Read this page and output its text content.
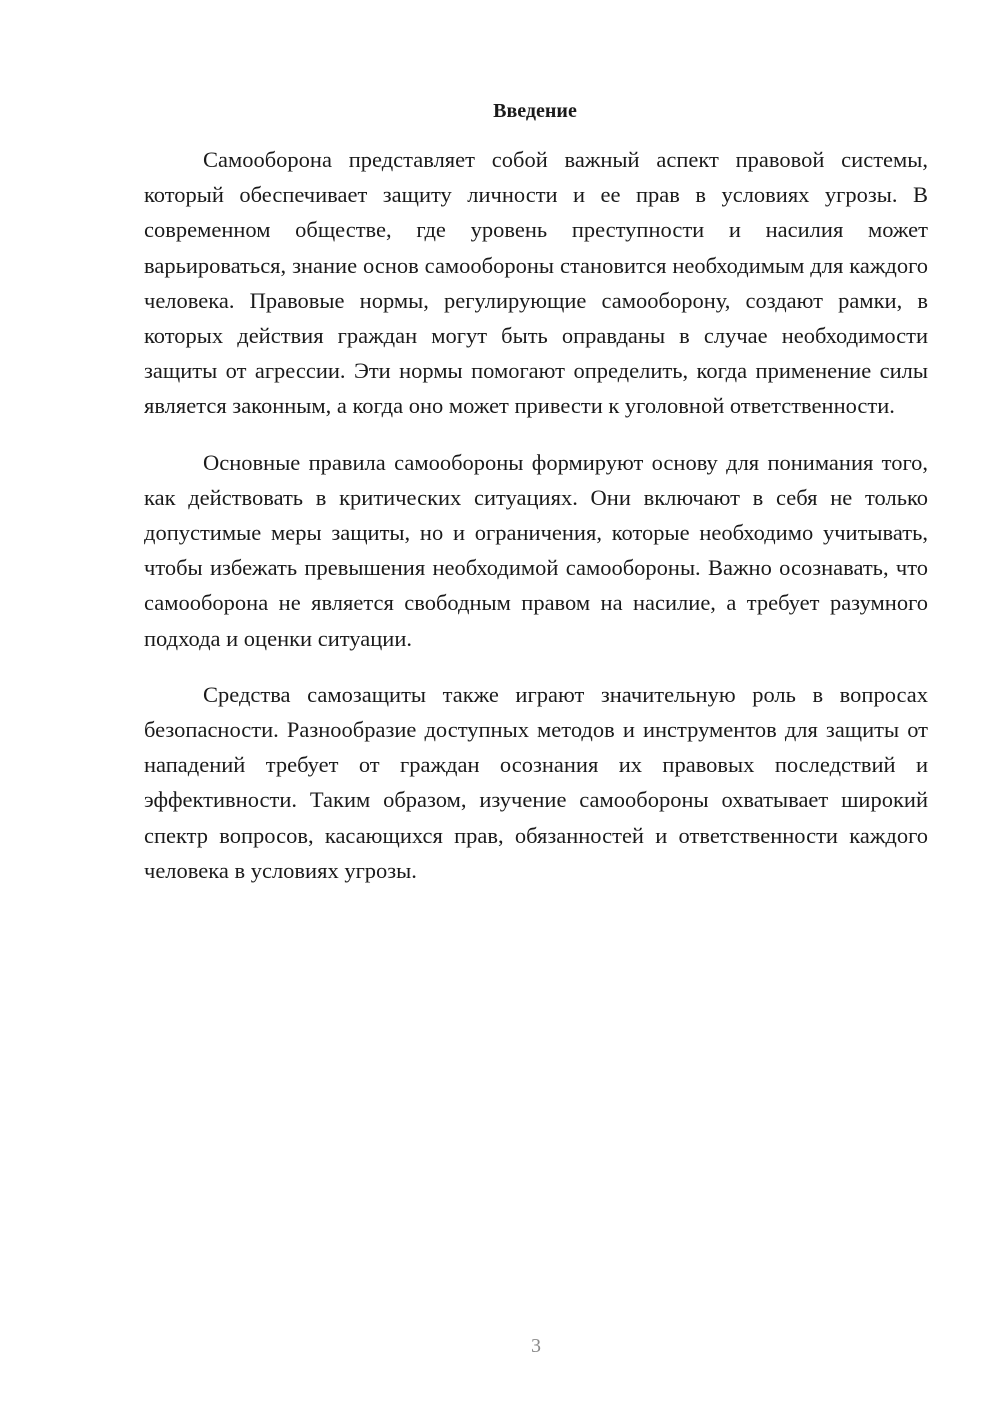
Введение

Самооборона представляет собой важный аспект правовой системы, который обеспечивает защиту личности и ее прав в условиях угрозы. В современном обществе, где уровень преступности и насилия может варьироваться, знание основ самообороны становится необходимым для каждого человека. Правовые нормы, регулирующие самооборону, создают рамки, в которых действия граждан могут быть оправданы в случае необходимости защиты от агрессии. Эти нормы помогают определить, когда применение силы является законным, а когда оно может привести к уголовной ответственности.

Основные правила самообороны формируют основу для понимания того, как действовать в критических ситуациях. Они включают в себя не только допустимые меры защиты, но и ограничения, которые необходимо учитывать, чтобы избежать превышения необходимой самообороны. Важно осознавать, что самооборона не является свободным правом на насилие, а требует разумного подхода и оценки ситуации.

Средства самозащиты также играют значительную роль в вопросах безопасности. Разнообразие доступных методов и инструментов для защиты от нападений требует от граждан осознания их правовых последствий и эффективности. Таким образом, изучение самообороны охватывает широкий спектр вопросов, касающихся прав, обязанностей и ответственности каждого человека в условиях угрозы.

3
